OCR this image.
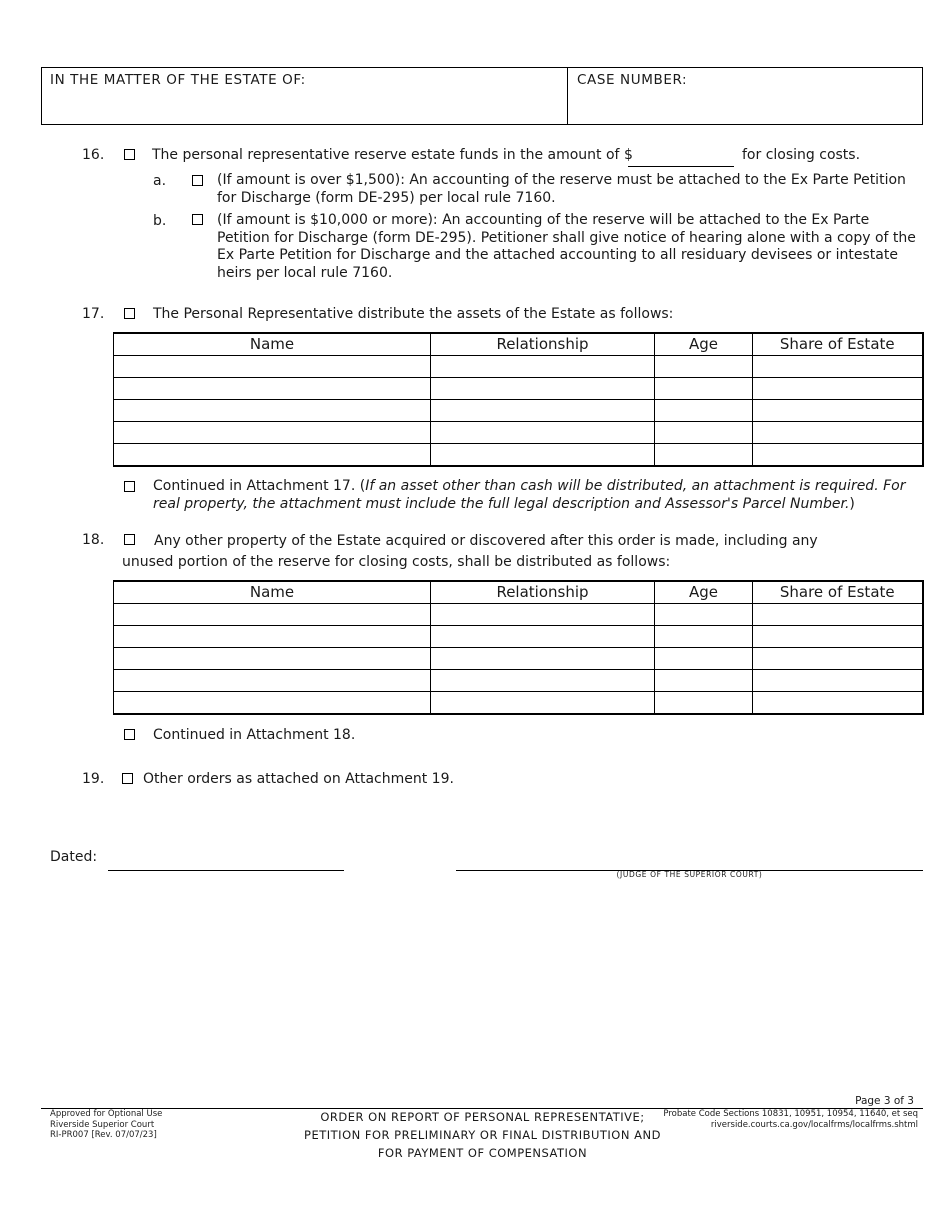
IN THE MATTER OF THE ESTATE OF:	CASE NUMBER:
16.	The personal representative reserve estate funds in the amount of $	for closing costs.
a.	(If amount is over $1,500): An accounting of the reserve must be attached to the Ex Parte Petition for Discharge (form DE-295) per local rule 7160.
b.	(If amount is $10,000 or more): An accounting of the reserve will be attached to the Ex Parte Petition for Discharge (form DE-295). Petitioner shall give notice of hearing alone with a copy of the Ex Parte Petition for Discharge and the attached accounting to all residuary devisees or intestate heirs per local rule 7160.
17.	The Personal Representative distribute the assets of the Estate as follows:
Name	Relationship	Age	Share of Estate

Continued in Attachment 17. (If an asset other than cash will be distributed, an attachment is required. For real property, the attachment must include the full legal description and Assessor's Parcel Number.)
18.	Any other property of the Estate acquired or discovered after this order is made, including any unused portion of the reserve for closing costs, shall be distributed as follows:
Name	Relationship	Age	Share of Estate

Continued in Attachment 18.
19.	Other orders as attached on Attachment 19.
Dated:
(JUDGE OF THE SUPERIOR COURT)
Page 3 of 3
Approved for Optional Use
Riverside Superior Court
RI-PR007 [Rev. 07/07/23]
ORDER ON REPORT OF PERSONAL REPRESENTATIVE;
PETITION FOR PRELIMINARY OR FINAL DISTRIBUTION AND
FOR PAYMENT OF COMPENSATION
Probate Code Sections 10831, 10951, 10954, 11640, et seq
riverside.courts.ca.gov/localfrms/localfrms.shtml
